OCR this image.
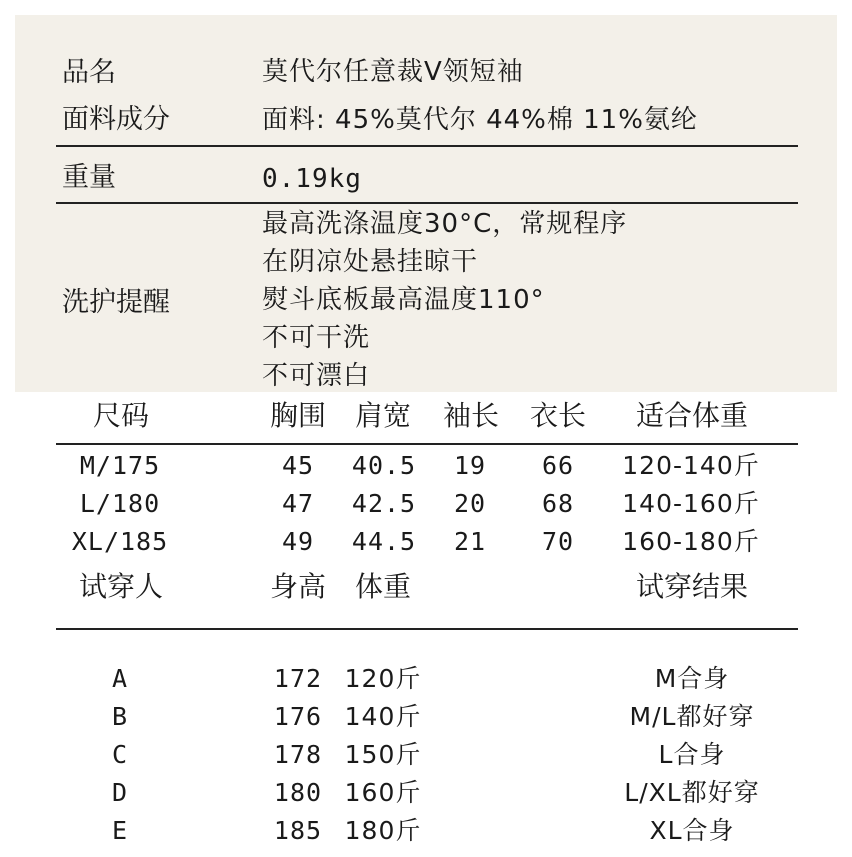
品名	莫代尔任意裁V领短袖
面料成分	面料: 45%莫代尔 44%棉 11%氨纶
重量	0.19kg
洗护提醒
最高洗涤温度30°C，常规程序
在阴凉处悬挂晾干
熨斗底板最高温度110°
不可干洗
不可漂白
尺码	胸围 肩宽 袖长 衣长 适合体重
M/175	45 40.5 19 66 120-140斤
L/180	47 42.5 20 68 140-160斤
XL/185	49 44.5 21 70 160-180斤
试穿人	身高 体重	试穿结果
A	172 120斤	M合身
B	176 140斤	M/L都好穿
C	178 150斤	L合身
D	180 160斤	L/XL都好穿
E	185 180斤	XL合身
